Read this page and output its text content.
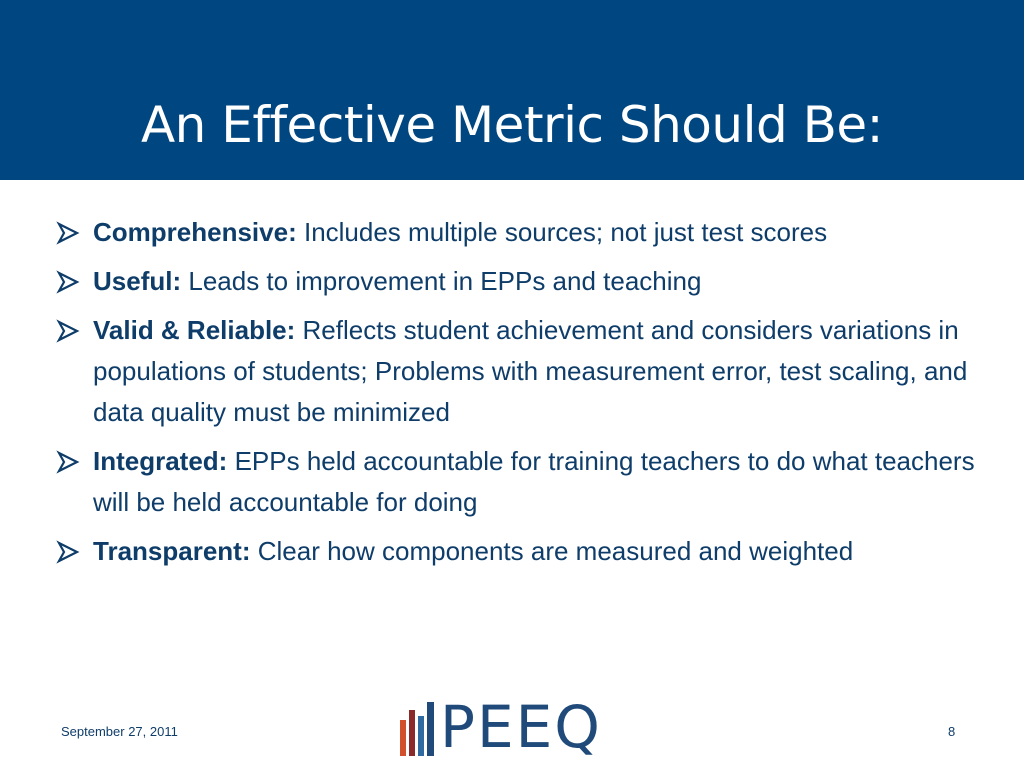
An Effective Metric Should Be:
Comprehensive: Includes multiple sources; not just test scores
Useful: Leads to improvement in EPPs and teaching
Valid & Reliable: Reflects student achievement and considers variations in populations of students; Problems with measurement error, test scaling, and data quality must be minimized
Integrated: EPPs held accountable for training teachers to do what teachers will be held accountable for doing
Transparent: Clear how components are measured and weighted
September 27, 2011	PEEQ	8
